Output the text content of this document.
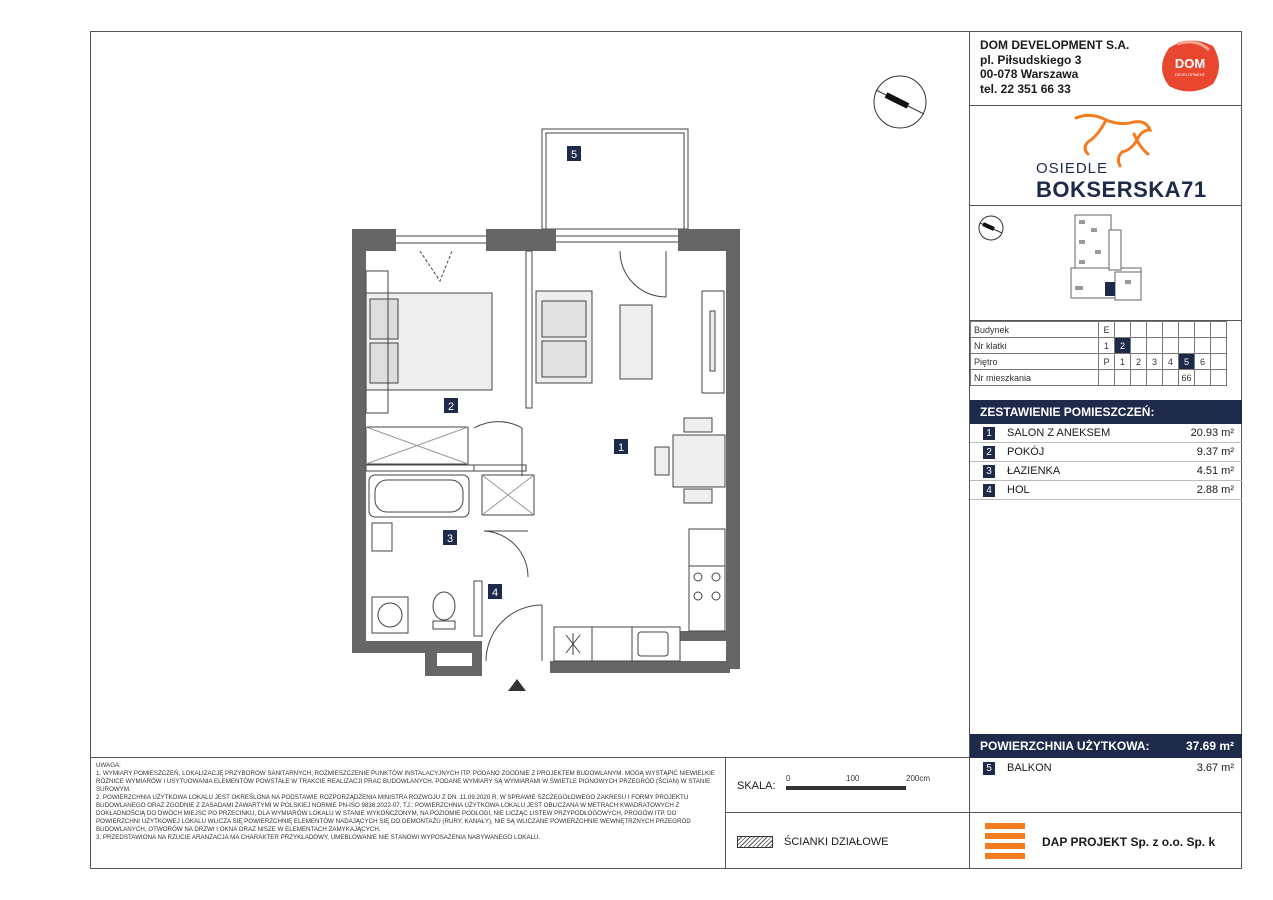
5
2
1
3
4
DOM DEVELOPMENT S.A.
pl. Piłsudskiego 3
00-078 Warszawa
tel. 22 351 66 33
DOM
DEVELOPMENT
OSIEDLE
BOKSERSKA71
Budynek	E							
Nr klatki	1	2						
Piętro	P	1	2	3	4	5	6	
Nr mieszkania						66		
ZESTAWIENIE POMIESZCZEŃ:
1 SALON Z ANEKSEM	20.93 m²
2 POKÓJ	9.37 m²
3 ŁAZIENKA	4.51 m²
4 HOL	2.88 m²
POWIERZCHNIA UŻYTKOWA:	37.69 m²
5 BALKON	3.67 m²
UWAGA:
1. WYMIARY POMIESZCZEŃ, LOKALIZACJĘ PRZYBOROW SANITARNYCH, ROZMIESZCZENIE PUNKTÓW INSTALACYJNYCH ITP. PODANO ZGODNIE Z PROJEKTEM BUDOWLANYM. MOGĄ WYSTĄPIĆ NIEWIELKIE RÓŻNICE WYMIARÓW I USYTUOWANIA ELEMENTÓW POWSTAŁE W TRAKCIE REALIZACJI PRAC BUDOWLANYCH. PODANE WYMIARY SĄ WYMIARAMI W ŚWIETLE PIONOWYCH PRZEGRÓD (ŚCIAN) W STANIE SUROWYM.
2. POWIERZCHNIA UŻYTKOWA LOKALU JEST OKREŚLONA NA PODSTAWIE ROZPORZĄDZENIA MINISTRA ROZWOJU Z DN. 11.09.2020 R. W SPRAWIE SZCZEGÓŁOWEGO ZAKRESU I FORMY PROJEKTU BUDOWLANEGO ORAZ ZGODNIE Z ZASADAMI ZAWARTYMI W POLSKIEJ NORMIE PN-ISO 9836:2022-07, TJ.: POWIERZCHNIA UŻYTKOWA LOKALU JEST OBLICZANA W METRACH KWADRATOWYCH Z DOKŁADNOŚCIĄ DO DWÓCH MIEJSC PO PRZECINKU, DLA WYMIARÓW LOKALU W STANIE WYKOŃCZONYM, NA POZIOMIE PODŁOGI, NIE LICZĄC LISTEW PRZYPODŁOGOWYCH, PROGÓW ITP. DO POWIERZCHNI UŻYTKOWEJ LOKALU WLICZA SIĘ POWIERZCHNIĘ ELEMENTÓW NADAJĄCYCH SIĘ DO DEMONTAŻU (RURY, KANAŁY), NIE SĄ WLICZANE POWIERZCHNIE WEWNĘTRZNYCH PRZEGRÓD BUDOWLANYCH, OTWORÓW NA DRZWI I OKNA ORAZ NISZE W ELEMENTACH ZAMYKAJĄCYCH.
3. PRZEDSTAWIONA NA RZUCIE ARANŻACJA MA CHARAKTER PRZYKŁADOWY, UMEBLOWANIE NIE STANOWI WYPOSAŻENIA NABYWANEGO LOKALU.
SKALA:
0	100	200cm
ŚCIANKI DZIAŁOWE	DAP PROJEKT Sp. z o.o. Sp. k
